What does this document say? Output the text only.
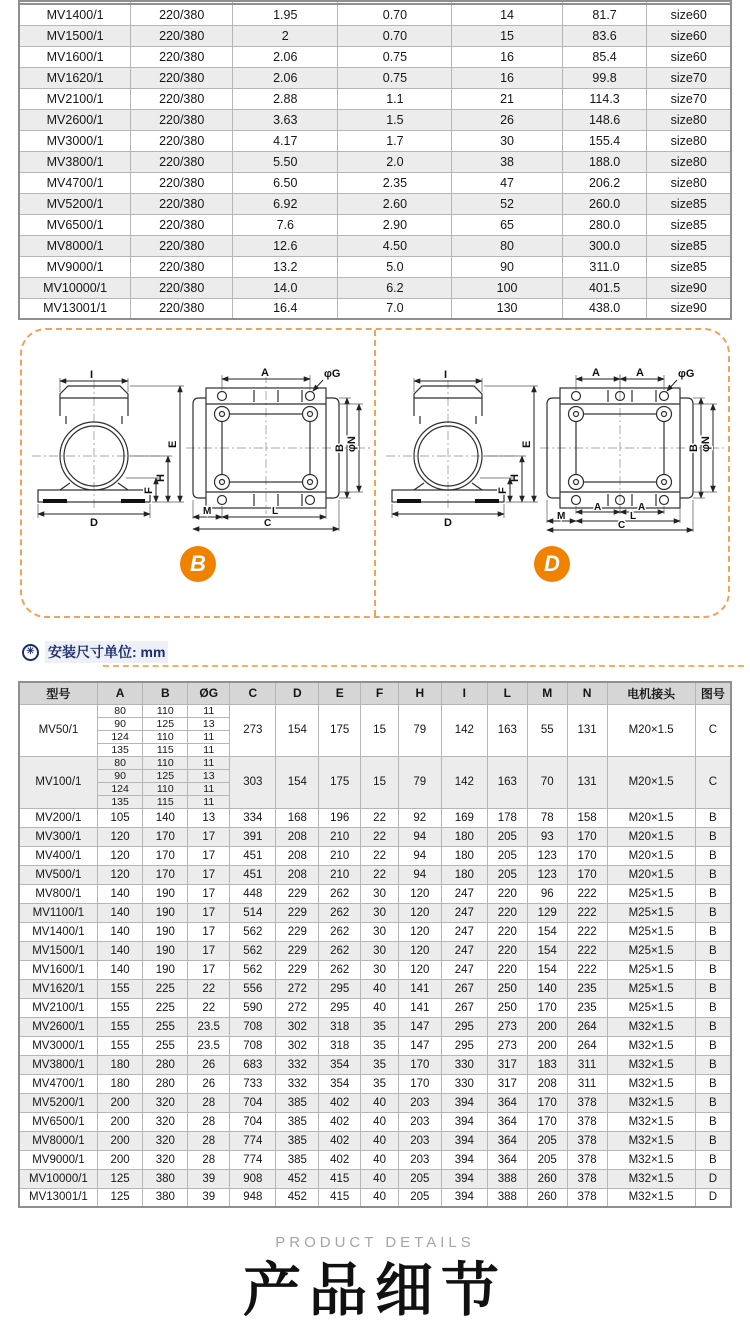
MV1400/1	220/380	1.95	0.70	14	81.7	size60
MV1500/1	220/380	2	0.70	15	83.6	size60
MV1600/1	220/380	2.06	0.75	16	85.4	size60
MV1620/1	220/380	2.06	0.75	16	99.8	size70
MV2100/1	220/380	2.88	1.1	21	114.3	size70
MV2600/1	220/380	3.63	1.5	26	148.6	size80
MV3000/1	220/380	4.17	1.7	30	155.4	size80
MV3800/1	220/380	5.50	2.0	38	188.0	size80
MV4700/1	220/380	6.50	2.35	47	206.2	size80
MV5200/1	220/380	6.92	2.60	52	260.0	size85
MV6500/1	220/380	7.6	2.90	65	280.0	size85
MV8000/1	220/380	12.6	4.50	80	300.0	size85
MV9000/1	220/380	13.2	5.0	90	311.0	size85
MV10000/1	220/380	14.0	6.2	100	401.5	size90
MV13001/1	220/380	16.4	7.0	130	438.0	size90
I
D
E
H
F
A	φG
B φN
M	L
C
B
I
D
E
H
F
A	A	φG
B φN
A	A
M	L
C
D
✳ 安装尺寸单位: mm
型号	A	B	ØG	C	D	E	F	H	I	L	M	N	电机接头	图号
MV50/1	80	110	11	273	154	175	15	79	142	163	55	131	M20×1.5	C
	90	125	13											
	124	110	11											
	135	115	11											
MV100/1	80	110	11	303	154	175	15	79	142	163	70	131	M20×1.5	C
	90	125	13											
	124	110	11											
	135	115	11											
MV200/1	105	140	13	334	168	196	22	92	169	178	78	158	M20×1.5	B
MV300/1	120	170	17	391	208	210	22	94	180	205	93	170	M20×1.5	B
MV400/1	120	170	17	451	208	210	22	94	180	205	123	170	M20×1.5	B
MV500/1	120	170	17	451	208	210	22	94	180	205	123	170	M20×1.5	B
MV800/1	140	190	17	448	229	262	30	120	247	220	96	222	M25×1.5	B
MV1100/1	140	190	17	514	229	262	30	120	247	220	129	222	M25×1.5	B
MV1400/1	140	190	17	562	229	262	30	120	247	220	154	222	M25×1.5	B
MV1500/1	140	190	17	562	229	262	30	120	247	220	154	222	M25×1.5	B
MV1600/1	140	190	17	562	229	262	30	120	247	220	154	222	M25×1.5	B
MV1620/1	155	225	22	556	272	295	40	141	267	250	140	235	M25×1.5	B
MV2100/1	155	225	22	590	272	295	40	141	267	250	170	235	M25×1.5	B
MV2600/1	155	255	23.5	708	302	318	35	147	295	273	200	264	M32×1.5	B
MV3000/1	155	255	23.5	708	302	318	35	147	295	273	200	264	M32×1.5	B
MV3800/1	180	280	26	683	332	354	35	170	330	317	183	311	M32×1.5	B
MV4700/1	180	280	26	733	332	354	35	170	330	317	208	311	M32×1.5	B
MV5200/1	200	320	28	704	385	402	40	203	394	364	170	378	M32×1.5	B
MV6500/1	200	320	28	704	385	402	40	203	394	364	170	378	M32×1.5	B
MV8000/1	200	320	28	774	385	402	40	203	394	364	205	378	M32×1.5	B
MV9000/1	200	320	28	774	385	402	40	203	394	364	205	378	M32×1.5	B
MV10000/1	125	380	39	908	452	415	40	205	394	388	260	378	M32×1.5	D
MV13001/1	125	380	39	948	452	415	40	205	394	388	260	378	M32×1.5	D
PRODUCT DETAILS
产品细节
